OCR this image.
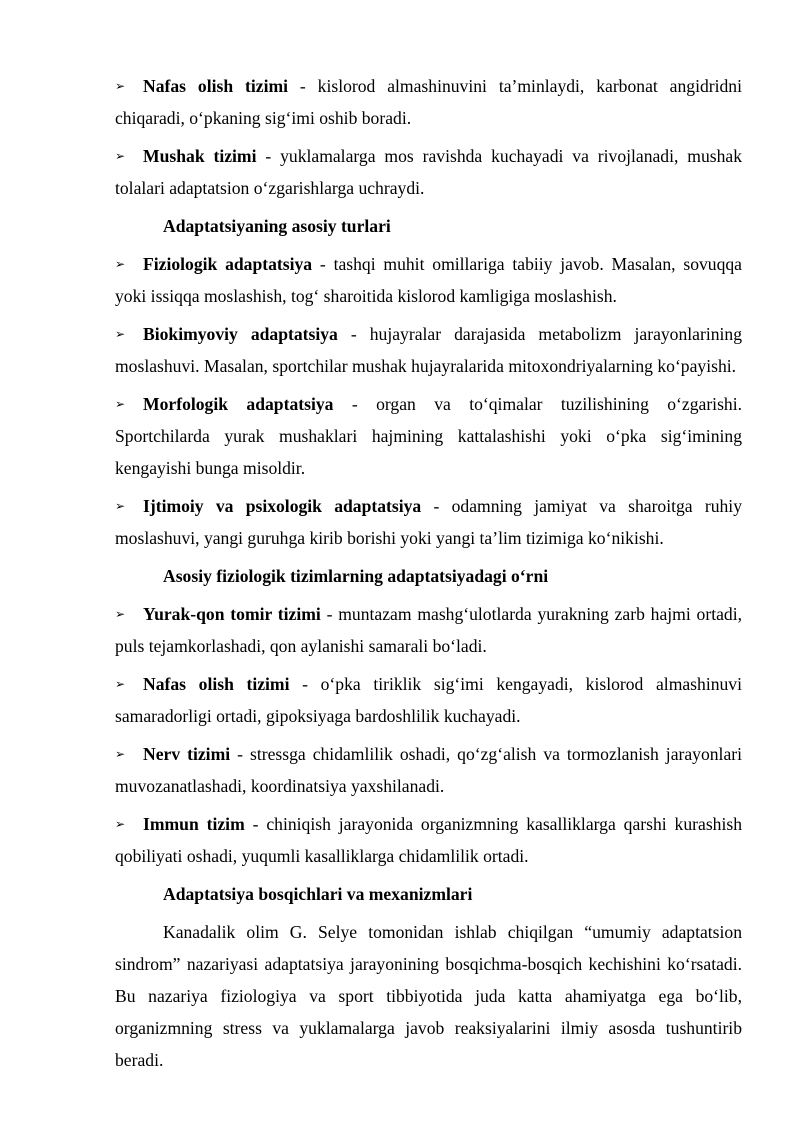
➢	Nafas olish tizimi - kislorod almashinuvini ta’minlaydi, karbonat angidridni chiqaradi, o‘pkaning sig‘imi oshib boradi.

➢	Mushak tizimi - yuklamalarga mos ravishda kuchayadi va rivojlanadi, mushak tolalari adaptatsion o‘zgarishlarga uchraydi.

Adaptatsiyaning asosiy turlari

➢	Fiziologik adaptatsiya - tashqi muhit omillariga tabiiy javob. Masalan, sovuqqa yoki issiqqa moslashish, tog‘ sharoitida kislorod kamligiga moslashish.

➢	Biokimyoviy adaptatsiya - hujayralar darajasida metabolizm jarayonlarining moslashuvi. Masalan, sportchilar mushak hujayralarida mitoxondriyalarning ko‘payishi.

➢	Morfologik adaptatsiya - organ va to‘qimalar tuzilishining o‘zgarishi. Sportchilarda yurak mushaklari hajmining kattalashishi yoki o‘pka sig‘imining kengayishi bunga misoldir.

➢	Ijtimoiy va psixologik adaptatsiya - odamning jamiyat va sharoitga ruhiy moslashuvi, yangi guruhga kirib borishi yoki yangi ta’lim tizimiga ko‘nikishi.

Asosiy fiziologik tizimlarning adaptatsiyadagi o‘rni

➢	Yurak-qon tomir tizimi - muntazam mashg‘ulotlarda yurakning zarb hajmi ortadi, puls tejamkorlashadi, qon aylanishi samarali bo‘ladi.

➢	Nafas olish tizimi - o‘pka tiriklik sig‘imi kengayadi, kislorod almashinuvi samaradorligi ortadi, gipoksiyaga bardoshlilik kuchayadi.

➢	Nerv tizimi - stressga chidamlilik oshadi, qo‘zg‘alish va tormozlanish jarayonlari muvozanatlashadi, koordinatsiya yaxshilanadi.

➢	Immun tizim - chiniqish jarayonida organizmning kasalliklarga qarshi kurashish qobiliyati oshadi, yuqumli kasalliklarga chidamlilik ortadi.

Adaptatsiya bosqichlari va mexanizmlari

Kanadalik olim G. Selye tomonidan ishlab chiqilgan “umumiy adaptatsion sindrom” nazariyasi adaptatsiya jarayonining bosqichma-bosqich kechishini ko‘rsatadi. Bu nazariya fiziologiya va sport tibbiyotida juda katta ahamiyatga ega bo‘lib, organizmning stress va yuklamalarga javob reaksiyalarini ilmiy asosda tushuntirib beradi.
